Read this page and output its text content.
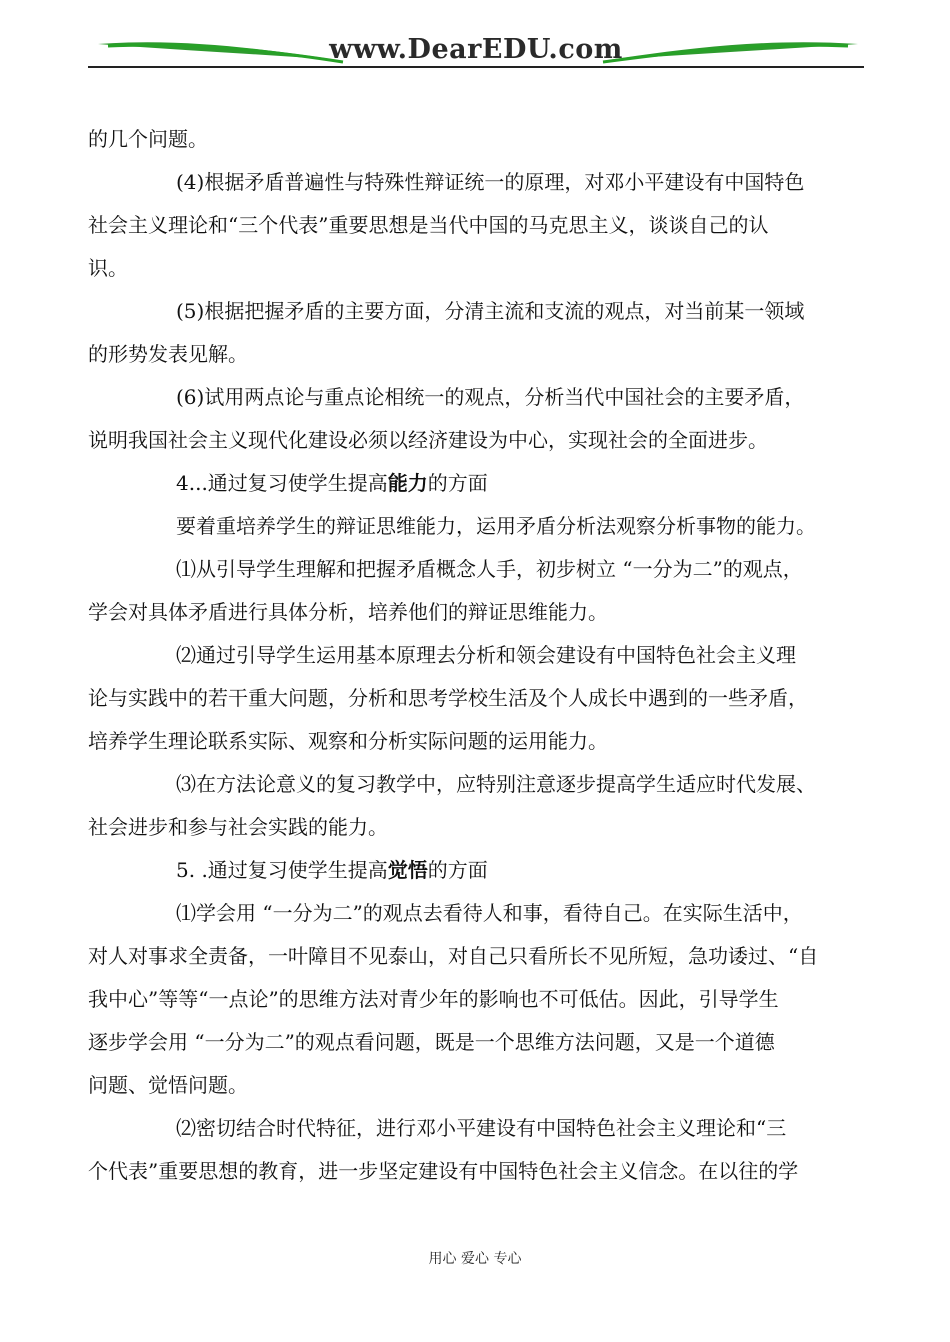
www.DearEDU.com
的几个问题。
(4)根据矛盾普遍性与特殊性辩证统一的原理，对邓小平建设有中国特色
社会主义理论和“三个代表”重要思想是当代中国的马克思主义，谈谈自己的认
识。
(5)根据把握矛盾的主要方面，分清主流和支流的观点，对当前某一领域
的形势发表见解。
(6)试用两点论与重点论相统一的观点，分析当代中国社会的主要矛盾，
说明我国社会主义现代化建设必须以经济建设为中心，实现社会的全面进步。
4...通过复习使学生提高能力的方面
要着重培养学生的辩证思维能力，运用矛盾分析法观察分析事物的能力。
⑴从引导学生理解和把握矛盾概念人手，初步树立 “一分为二”的观点，
学会对具体矛盾进行具体分析，培养他们的辩证思维能力。
⑵通过引导学生运用基本原理去分析和领会建设有中国特色社会主义理
论与实践中的若干重大问题，分析和思考学校生活及个人成长中遇到的一些矛盾，
培养学生理论联系实际、观察和分析实际问题的运用能力。
⑶在方法论意义的复习教学中，应特别注意逐步提高学生适应时代发展、
社会进步和参与社会实践的能力。
5. .通过复习使学生提高觉悟的方面
⑴学会用 “一分为二”的观点去看待人和事，看待自己。在实际生活中，
对人对事求全责备，一叶障目不见泰山，对自己只看所长不见所短，急功诿过、“自
我中心”等等“一点论”的思维方法对青少年的影响也不可低估。因此，引导学生
逐步学会用 “一分为二”的观点看问题，既是一个思维方法问题，又是一个道德
问题、觉悟问题。
⑵密切结合时代特征，进行邓小平建设有中国特色社会主义理论和“三
个代表”重要思想的教育，进一步坚定建设有中国特色社会主义信念。在以往的学
用心 爱心 专心
